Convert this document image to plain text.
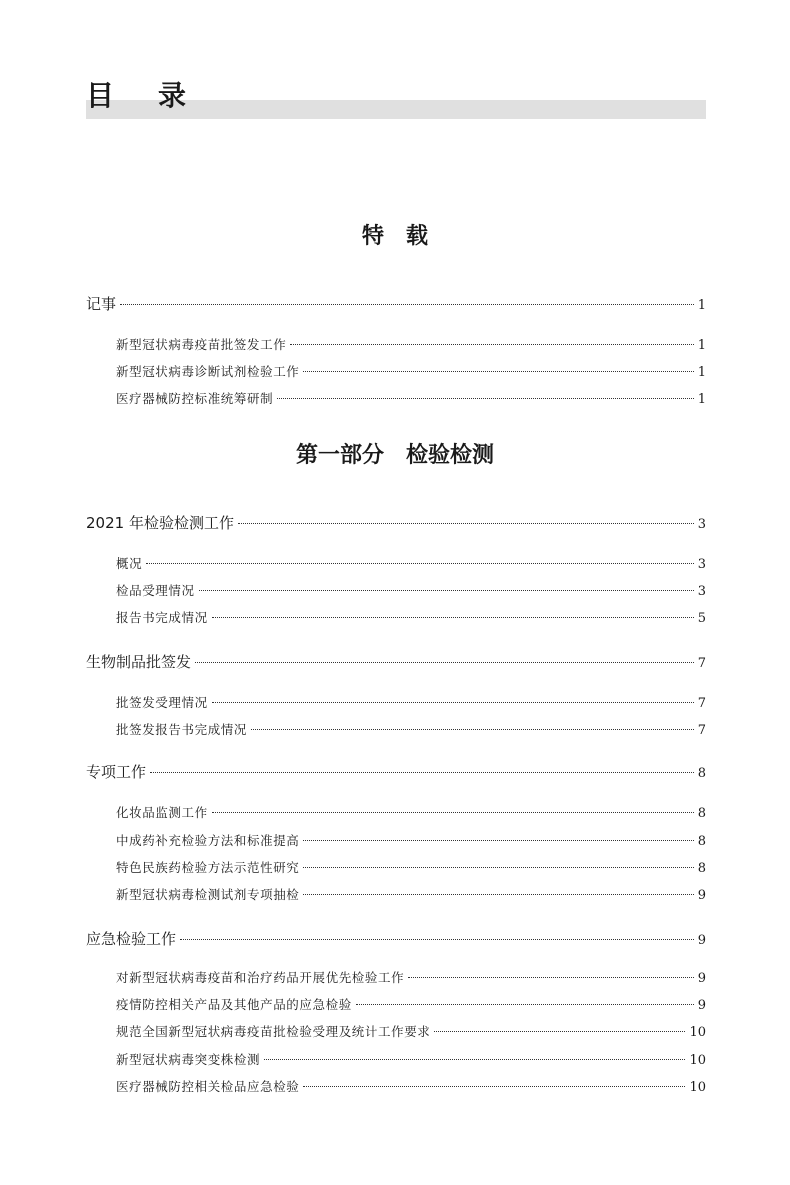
目　录
特　载
记事	1
新型冠状病毒疫苗批签发工作	1
新型冠状病毒诊断试剂检验工作	1
医疗器械防控标准统筹研制	1
第一部分　检验检测
2021 年检验检测工作	3
概况	3
检品受理情况	3
报告书完成情况	5
生物制品批签发	7
批签发受理情况	7
批签发报告书完成情况	7
专项工作	8
化妆品监测工作	8
中成药补充检验方法和标准提高	8
特色民族药检验方法示范性研究	8
新型冠状病毒检测试剂专项抽检	9
应急检验工作	9
对新型冠状病毒疫苗和治疗药品开展优先检验工作	9
疫情防控相关产品及其他产品的应急检验	9
规范全国新型冠状病毒疫苗批检验受理及统计工作要求	10
新型冠状病毒突变株检测	10
医疗器械防控相关检品应急检验	10
